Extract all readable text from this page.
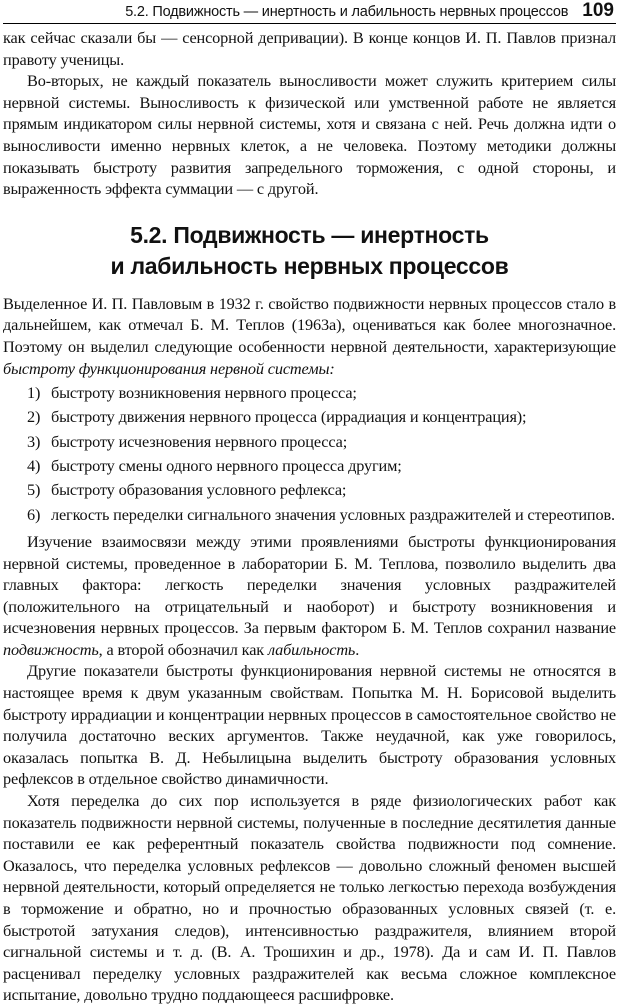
5.2. Подвижность — инертность и лабильность нервных процессов 109

как сейчас сказали бы — сенсорной депривации). В конце концов И. П. Павлов признал правоту ученицы.

Во-вторых, не каждый показатель выносливости может служить критерием силы нервной системы. Выносливость к физической или умственной работе не является прямым индикатором силы нервной системы, хотя и связана с ней. Речь должна идти о выносливости именно нервных клеток, а не человека. Поэтому методики должны показывать быстроту развития запредельного торможения, с одной стороны, и выраженность эффекта суммации — с другой.

5.2. Подвижность — инертность
и лабильность нервных процессов

Выделенное И. П. Павловым в 1932 г. свойство подвижности нервных процессов стало в дальнейшем, как отмечал Б. М. Теплов (1963а), оцениваться как более многозначное. Поэтому он выделил следующие особенности нервной деятельности, характеризующие быстроту функционирования нервной системы:

1) быстроту возникновения нервного процесса;
2) быстроту движения нервного процесса (иррадиация и концентрация);
3) быстроту исчезновения нервного процесса;
4) быстроту смены одного нервного процесса другим;
5) быстроту образования условного рефлекса;
6) легкость переделки сигнального значения условных раздражителей и стереотипов.

Изучение взаимосвязи между этими проявлениями быстроты функционирования нервной системы, проведенное в лаборатории Б. М. Теплова, позволило выделить два главных фактора: легкость переделки значения условных раздражителей (положительного на отрицательный и наоборот) и быстроту возникновения и исчезновения нервных процессов. За первым фактором Б. М. Теплов сохранил название подвижность, а второй обозначил как лабильность.

Другие показатели быстроты функционирования нервной системы не относятся в настоящее время к двум указанным свойствам. Попытка М. Н. Борисовой выделить быстроту иррадиации и концентрации нервных процессов в самостоятельное свойство не получила достаточно веских аргументов. Также неудачной, как уже говорилось, оказалась попытка В. Д. Небылицына выделить быстроту образования условных рефлексов в отдельное свойство динамичности.

Хотя переделка до сих пор используется в ряде физиологических работ как показатель подвижности нервной системы, полученные в последние десятилетия данные поставили ее как референтный показатель свойства подвижности под сомнение. Оказалось, что переделка условных рефлексов — довольно сложный феномен высшей нервной деятельности, который определяется не только легкостью перехода возбуждения в торможение и обратно, но и прочностью образованных условных связей (т. е. быстротой затухания следов), интенсивностью раздражителя, влиянием второй сигнальной системы и т. д. (В. А. Трошихин и др., 1978). Да и сам И. П. Павлов расценивал переделку условных раздражителей как весьма сложное комплексное испытание, довольно трудно поддающееся расшифровке.
